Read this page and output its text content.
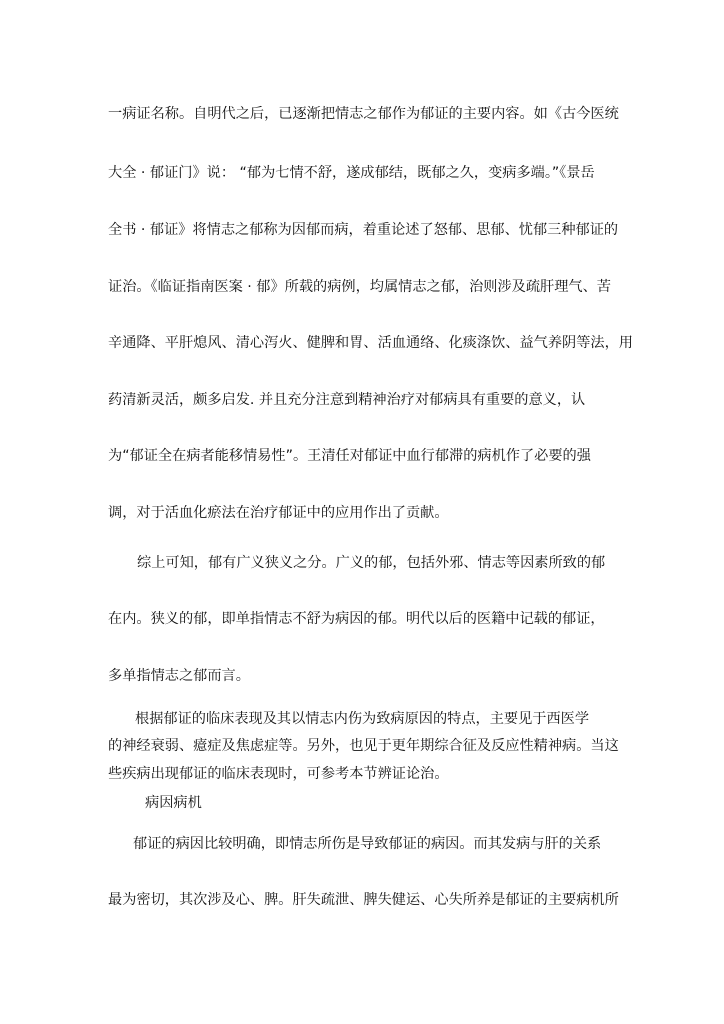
一病证名称。自明代之后，已逐渐把情志之郁作为郁证的主要内容。如《古今医统
大全 · 郁证门》说： “郁为七情不舒，遂成郁结，既郁之久，变病多端。”《景岳
全书 · 郁证》将情志之郁称为因郁而病，着重论述了怒郁、思郁、忧郁三种郁证的
证治。《临证指南医案 · 郁》所载的病例，均属情志之郁，治则涉及疏肝理气、苦
辛通降、平肝熄风、清心泻火、健脾和胃、活血通络、化痰涤饮、益气养阴等法，用
药清新灵活，颇多启发. 并且充分注意到精神治疗对郁病具有重要的意义，认
为“郁证全在病者能移情易性”。王清任对郁证中血行郁滞的病机作了必要的强
调，对于活血化瘀法在治疗郁证中的应用作出了贡献。
综上可知，郁有广义狭义之分。广义的郁，包括外邪、情志等因素所致的郁
在内。狭义的郁，即单指情志不舒为病因的郁。明代以后的医籍中记载的郁证，
多单指情志之郁而言。
根据郁证的临床表现及其以情志内伤为致病原因的特点，主要见于西医学
的神经衰弱、癔症及焦虑症等。另外，也见于更年期综合征及反应性精神病。当这
些疾病出现郁证的临床表现时，可参考本节辨证论治。
病因病机
郁证的病因比较明确，即情志所伤是导致郁证的病因。而其发病与肝的关系
最为密切，其次涉及心、脾。肝失疏泄、脾失健运、心失所养是郁证的主要病机所
